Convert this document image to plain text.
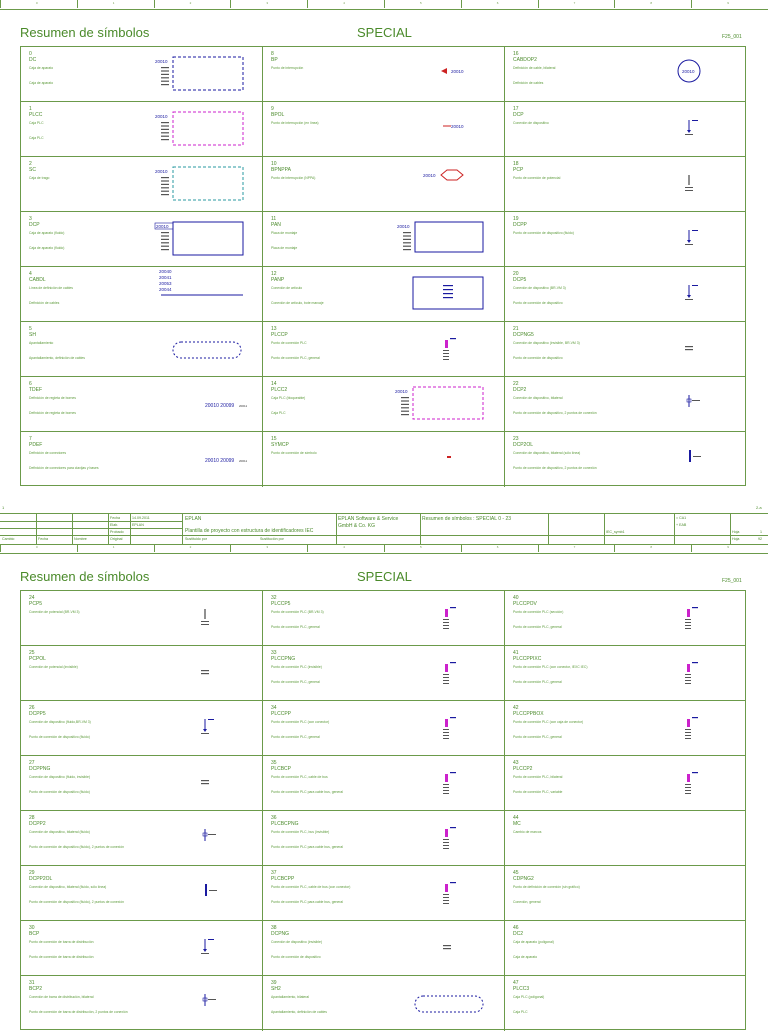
0	1	2	3	4	5	6	7	8	9
Resumen de símbolos	SPECIAL	F25_001
20010
0
DC
Caja de aparato
Caja de aparato
20010
1
PLCC
Caja PLC
Caja PLC
20010
2
SC
Caja de trago
20010
3
DCP
Caja de aparato (fluido)
Caja de aparato (fluido)
20040
20041
20053
20044
4
CABDL
Línea de definición de cables
Definición de cables
5
SH
Apantallamiento
Apantallamiento, definición de cables
20010 20099 20011
6
TDEF
Definición de regleta de bornes
Definición de regleta de bornes
20010 20099 20011
7
PDEF
Definición de conectores
Definición de conectores para clavijas y bases
20010
8
BP
Punto de interrupción
20010
9
BPOL
Punto de interrupción (en línea)
20010
10
BPNPPA
Punto de interrupción (NPPA)
20010
11
PAN
Placa de montaje
Placa de montaje
12
PANP
Conexión de artículo
Conexión de artículo, bote marcaje
13
PLCCP
Punto de conexión PLC
Punto de conexión PLC, general
20010
14
PLCC2
Caja PLC (bloqueable)
Caja PLC
15
SYMCP
Punto de conexión de símbolo
20010
16
CABDOP2
Definición de cable, bilateral
Definición de cables
17
DCP
Conexión de dispositivo
18
PCP
Punto de conexión de potencial
19
DCPP
Punto de conexión de dispositivo (fluido)
20
DCP5
Conexión de dispositivo (BR-VM 3)
Punto de conexión de dispositivo
21
DCPNG5
Conexión de dispositivo (invisible, BR-VM 3)
Punto de conexión de dispositivo
22
DCP2
Conexión de dispositivo, bilateral
Punto de conexión de dispositivo, 2 puntos de conexión
23
DCP2OL
Conexión de dispositivo, bilateral (sólo línea)
Punto de conexión de dispositivo, 2 puntos de conexión
1	2.a
Fecha	14.09.2011
Elab.	EPLAN
Probado
EPLAN
Plantilla de proyecto con estructura de identificadores IEC
EPLAN Software & Service
GmbH & Co. KG
Resumen de símbolos : SPECIAL 0 - 23	= CA1
+ EAB
IEC_symb1	Hoja	1
Cambio	Fecha	Nombre	Original	Sustituido por	Sustitución por	Hoja	92
0	1	2	3	4	5	6	7	8	9
Resumen de símbolos	SPECIAL	F25_001
24
PCP5
Conexión de potencial (BR-VM 3)
25
PCPOL
Conexión de potencial (invisible)
26
DCPP5
Conexión de dispositivo (fluido,BR-VM 3)
Punto de conexión de dispositivo (fluido)
27
DCPPNG
Conexión de dispositivo (fluido, invisible)
Punto de conexión de dispositivo (fluido)
28
DCPP2
Conexión de dispositivo, bilateral (fluido)
Punto de conexión de dispositivo (fluido), 2 puntos de conexión
29
DCPP2OL
Conexión de dispositivo, bilateral (fluido, sólo línea)
Punto de conexión de dispositivo (fluido), 2 puntos de conexión
30
BCP
Punto de conexión de barra de distribución
Punto de conexión de barra de distribución
31
BCP2
Conexión de barra de distribución, bilateral
Punto de conexión de barra de distribución, 2 puntos de conexión
32
PLCCP5
Punto de conexión PLC (BR-VM 3)
Punto de conexión PLC, general
33
PLCCPNG
Punto de conexión PLC (invisible)
Punto de conexión PLC, general
34
PLCCPP
Punto de conexión PLC (con conector)
Punto de conexión PLC, general
35
PLCBCP
Punto de conexión PLC, cable de bus
Punto de conexión PLC para cable bus, general
36
PLCBCPNG
Punto de conexión PLC, bus (invisible)
Punto de conexión PLC para cable bus, general
37
PLCBCPP
Punto de conexión PLC, cable de bus (con conector)
Punto de conexión PLC para cable bus, general
38
DCPNG
Conexión de dispositivo (invisible)
Punto de conexión de dispositivo
39
SH2
Apantallamiento, bilateral
Apantallamiento, definición de cables
40
PLCCPOV
Punto de conexión PLC (sección)
Punto de conexión PLC, general
41
PLCCPPIXC
Punto de conexión PLC (con conector, IEXC IEC)
Punto de conexión PLC, general
42
PLCCPPBOX
Punto de conexión PLC (con caja de conector)
Punto de conexión PLC, general
43
PLCCP2
Punto de conexión PLC, bilateral
Punto de conexión PLC, variable
44
MC
Cambio de marcos
45
CDPNG2
Punto de definición de conexión (sin gráfico)
Conexión, general
46
DC2
Caja de aparato (poligonal)
Caja de aparato
47
PLCC3
Caja PLC (poligonal)
Caja PLC
